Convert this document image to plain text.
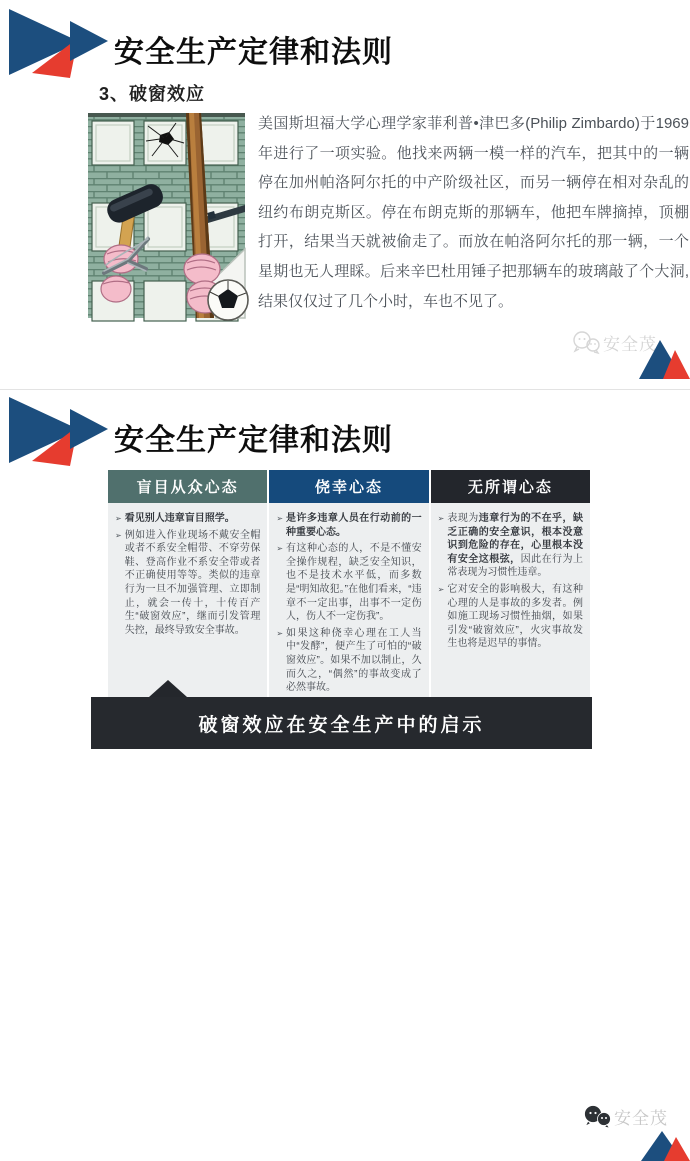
安全生产定律和法则
3、破窗效应

美国斯坦福大学心理学家菲利普•津巴多(Philip Zimbardo)于1969年进行了一项实验。他找来两辆一模一样的汽车，把其中的一辆停在加州帕洛阿尔托的中产阶级社区，而另一辆停在相对杂乱的纽约布朗克斯区。停在布朗克斯的那辆车，他把车牌摘掉，顶棚打开，结果当天就被偷走了。而放在帕洛阿尔托的那一辆，一个星期也无人理睬。后来辛巴杜用锤子把那辆车的玻璃敲了个大洞,结果仅仅过了几个小时，车也不见了。

安全茂
安全生产定律和法则
盲目从众心态
➢ 看见别人违章盲目照学。
➢ 例如进入作业现场不戴安全帽或者不系安全帽带、不穿劳保鞋、登高作业不系安全带或者不正确使用等等。类似的违章行为一旦不加强管理、立即制止，就会一传十，十传百产生“破窗效应”，继而引发管理失控，最终导致安全事故。
侥幸心态
➢ 是许多违章人员在行动前的一种重要心态。
➢ 有这种心态的人，不是不懂安全操作规程，缺乏安全知识，也不是技术水平低，而多数是“明知故犯。”在他们看来，“违章不一定出事，出事不一定伤人，伤人不一定伤我”。
➢ 如果这种侥幸心理在工人当中“发酵”，便产生了可怕的“破窗效应”。如果不加以制止，久而久之，“偶然”的事故变成了必然事故。
无所谓心态
➢ 表现为违章行为的不在乎，缺乏正确的安全意识，根本没意识到危险的存在，心里根本没有安全这根弦，因此在行为上常表现为习惯性违章。
➢ 它对安全的影响极大，有这种心理的人是事故的多发者。例如施工现场习惯性抽烟，如果引发“破窗效应”，火灾事故发生也将是迟早的事情。
破窗效应在安全生产中的启示
安全茂
